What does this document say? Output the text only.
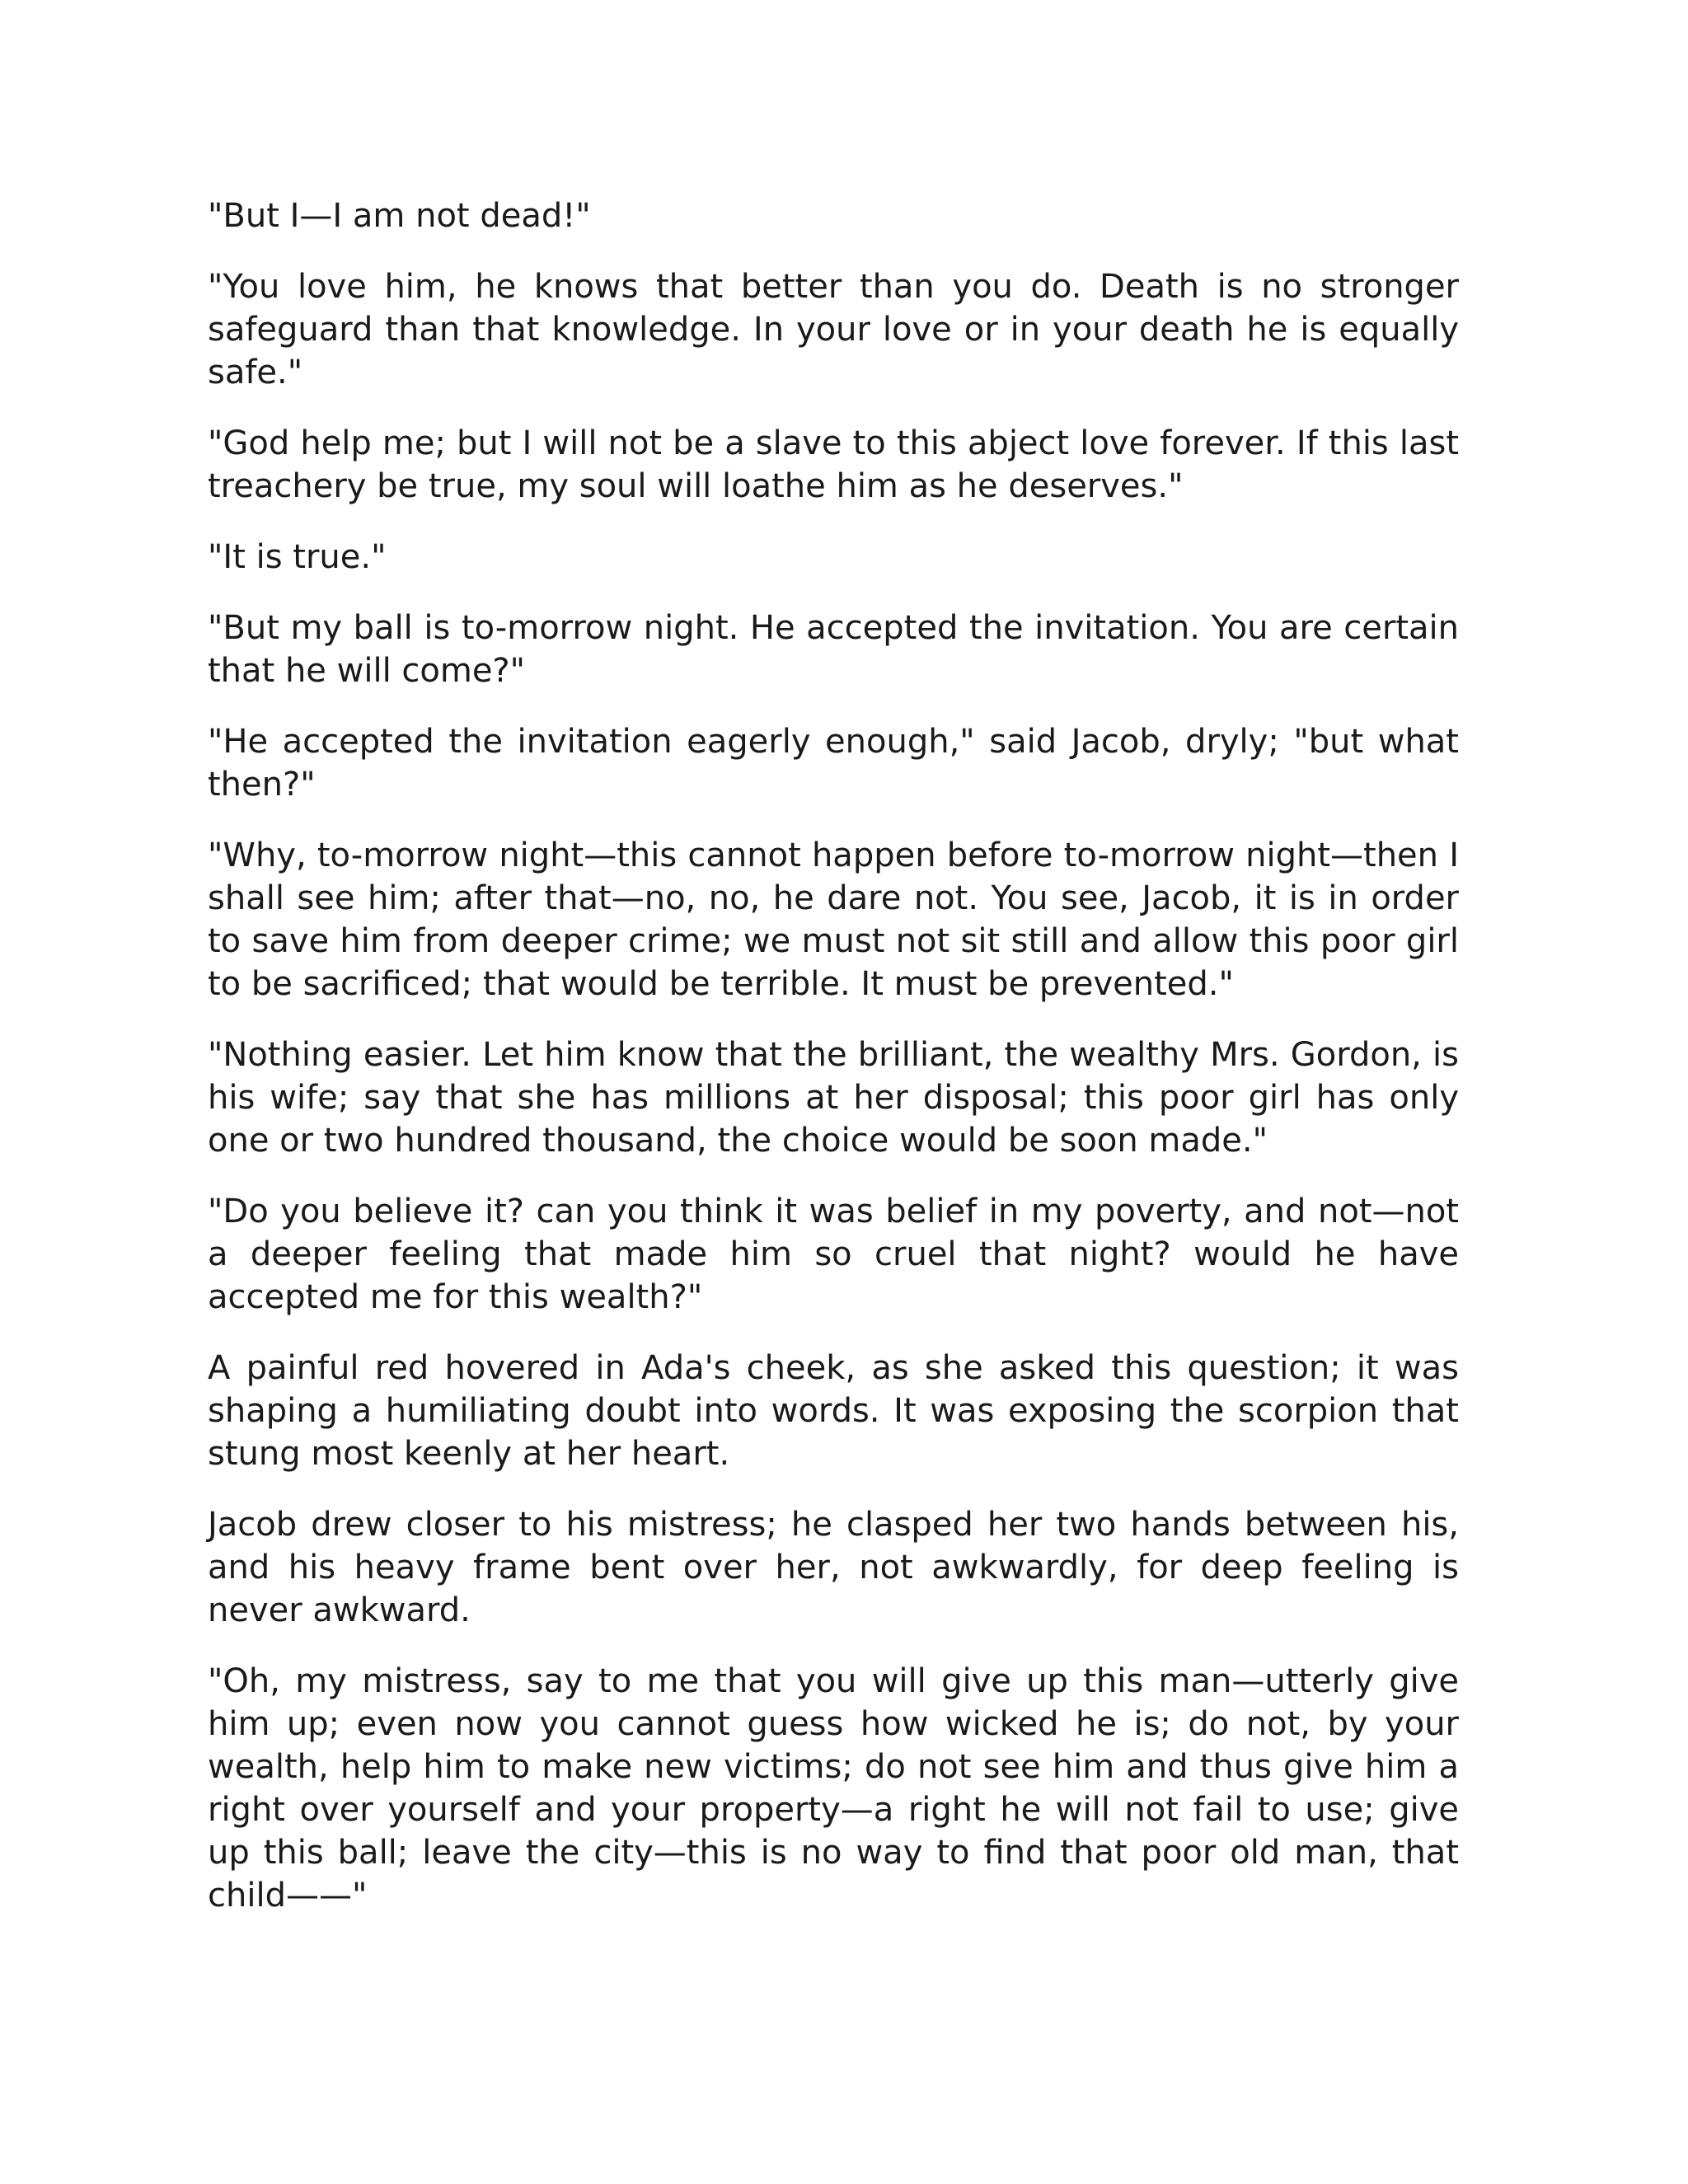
"But I—I am not dead!"

"You love him, he knows that better than you do. Death is no stronger safeguard than that knowledge. In your love or in your death he is equally safe."

"God help me; but I will not be a slave to this abject love forever. If this last treachery be true, my soul will loathe him as he deserves."

"It is true."

"But my ball is to-morrow night. He accepted the invitation. You are certain that he will come?"

"He accepted the invitation eagerly enough," said Jacob, dryly; "but what then?"

"Why, to-morrow night—this cannot happen before to-morrow night—then I shall see him; after that—no, no, he dare not. You see, Jacob, it is in order to save him from deeper crime; we must not sit still and allow this poor girl to be sacrificed; that would be terrible. It must be prevented."

"Nothing easier. Let him know that the brilliant, the wealthy Mrs. Gordon, is his wife; say that she has millions at her disposal; this poor girl has only one or two hundred thousand, the choice would be soon made."

"Do you believe it? can you think it was belief in my poverty, and not—not a deeper feeling that made him so cruel that night? would he have accepted me for this wealth?"

A painful red hovered in Ada's cheek, as she asked this question; it was shaping a humiliating doubt into words. It was exposing the scorpion that stung most keenly at her heart.

Jacob drew closer to his mistress; he clasped her two hands between his, and his heavy frame bent over her, not awkwardly, for deep feeling is never awkward.

"Oh, my mistress, say to me that you will give up this man—utterly give him up; even now you cannot guess how wicked he is; do not, by your wealth, help him to make new victims; do not see him and thus give him a right over yourself and your property—a right he will not fail to use; give up this ball; leave the city—this is no way to find that poor old man, that child——"
